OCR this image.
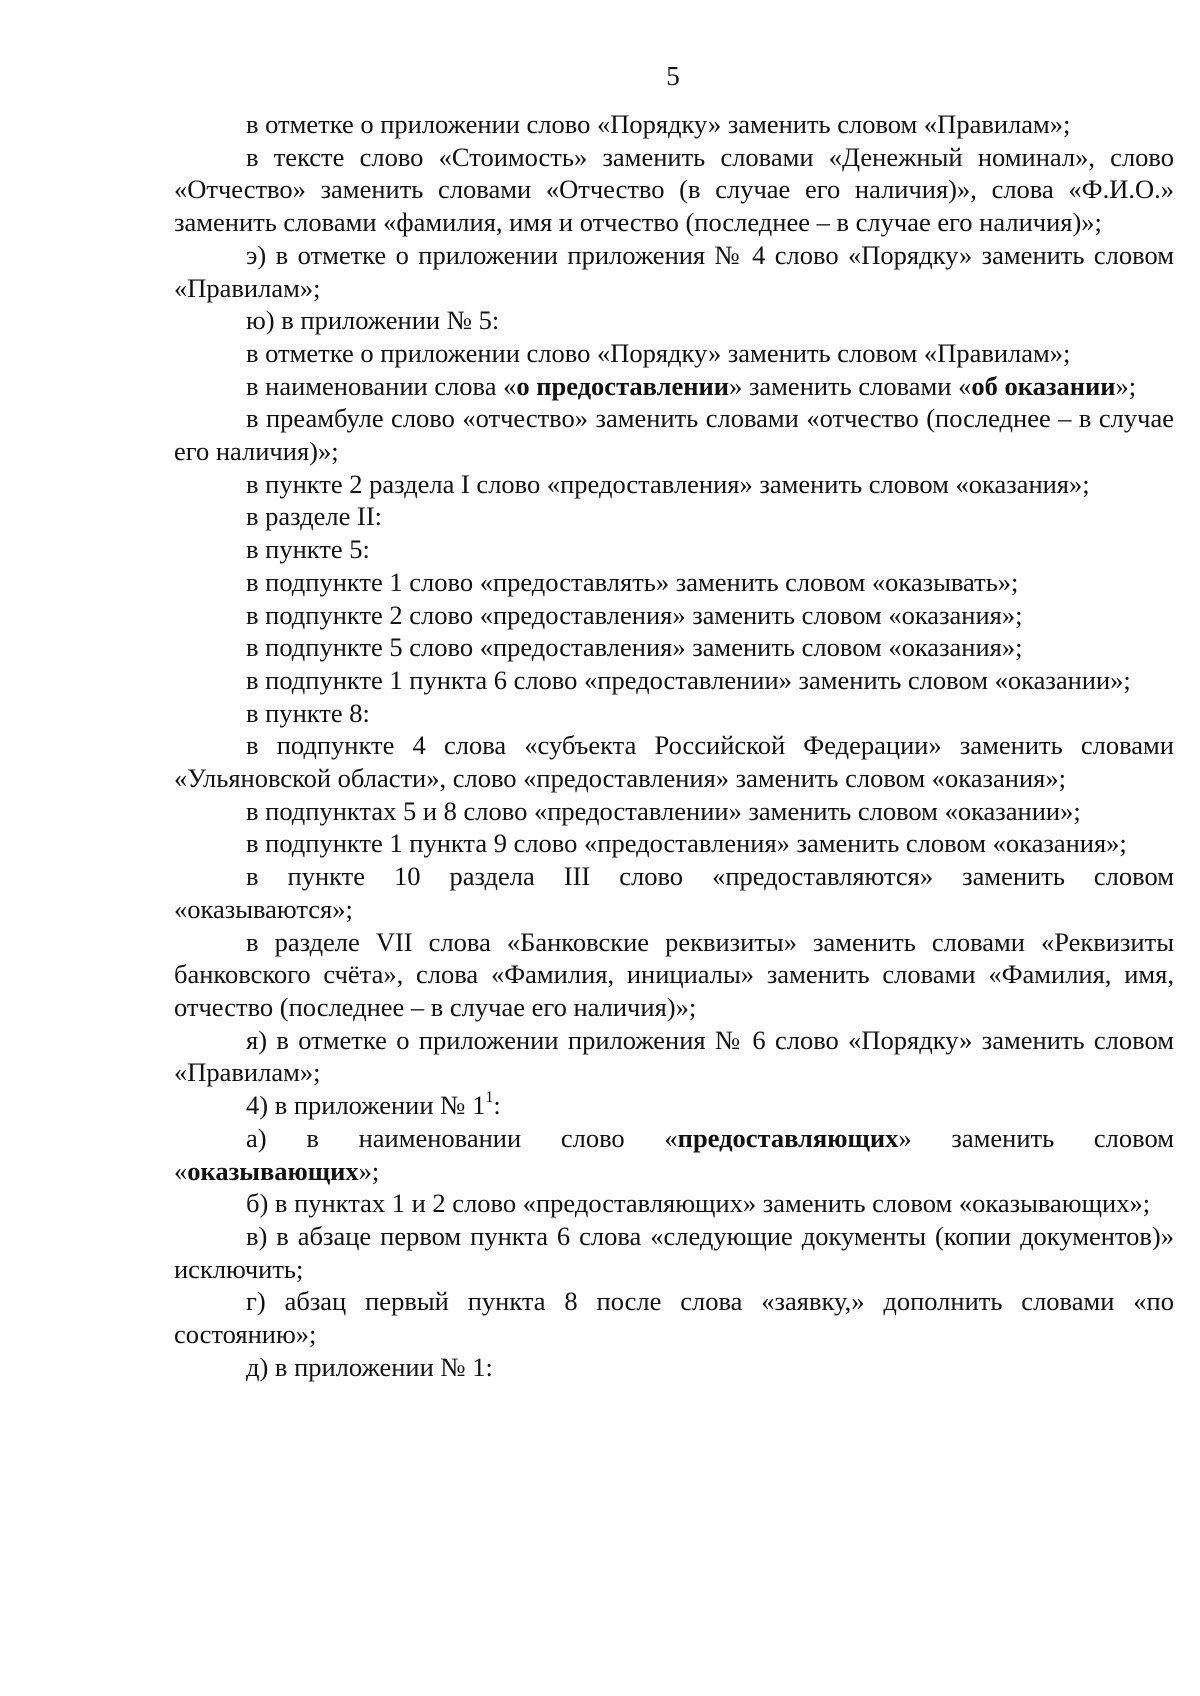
5

в отметке о приложении слово «Порядку» заменить словом «Правилам»;

в тексте слово «Стоимость» заменить словами «Денежный номинал», слово «Отчество» заменить словами «Отчество (в случае его наличия)», слова «Ф.И.О.» заменить словами «фамилия, имя и отчество (последнее – в случае его наличия)»;

э) в отметке о приложении приложения № 4 слово «Порядку» заменить словом «Правилам»;

ю) в приложении № 5:

в отметке о приложении слово «Порядку» заменить словом «Правилам»;

в наименовании слова «о предоставлении» заменить словами «об оказании»;

в преамбуле слово «отчество» заменить словами «отчество (последнее – в случае его наличия)»;

в пункте 2 раздела I слово «предоставления» заменить словом «оказания»;

в разделе II:

в пункте 5:

в подпункте 1 слово «предоставлять» заменить словом «оказывать»;

в подпункте 2 слово «предоставления» заменить словом «оказания»;

в подпункте 5 слово «предоставления» заменить словом «оказания»;

в подпункте 1 пункта 6 слово «предоставлении» заменить словом «оказании»;

в пункте 8:

в подпункте 4 слова «субъекта Российской Федерации» заменить словами «Ульяновской области», слово «предоставления» заменить словом «оказания»;

в подпунктах 5 и 8 слово «предоставлении» заменить словом «оказании»;

в подпункте 1 пункта 9 слово «предоставления» заменить словом «оказания»;

в пункте 10 раздела III слово «предоставляются» заменить словом «оказываются»;

в разделе VII слова «Банковские реквизиты» заменить словами «Реквизиты банковского счёта», слова «Фамилия, инициалы» заменить словами «Фамилия, имя, отчество (последнее – в случае его наличия)»;

я) в отметке о приложении приложения № 6 слово «Порядку» заменить словом «Правилам»;

4) в приложении № $1^1$:

а) в наименовании слово «предоставляющих» заменить словом «оказывающих»;

б) в пунктах 1 и 2 слово «предоставляющих» заменить словом «оказывающих»;

в) в абзаце первом пункта 6 слова «следующие документы (копии документов)» исключить;

г) абзац первый пункта 8 после слова «заявку,» дополнить словами «по состоянию»;

д) в приложении № 1:
